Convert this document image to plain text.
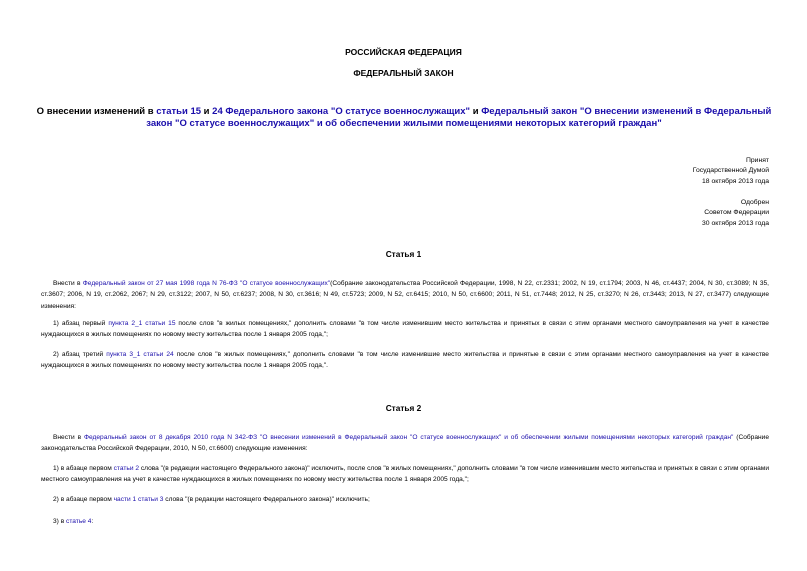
РОССИЙСКАЯ ФЕДЕРАЦИЯ
ФЕДЕРАЛЬНЫЙ ЗАКОН
О внесении изменений в статьи 15 и 24 Федерального закона "О статусе военнослужащих" и Федеральный закон "О внесении изменений в Федеральный закон "О статусе военнослужащих" и об обеспечении жилыми помещениями некоторых категорий граждан"
Принят
Государственной Думой
18 октября 2013 года
Одобрен
Советом Федерации
30 октября 2013 года
Статья 1
Внести в Федеральный закон от 27 мая 1998 года N 76-ФЗ "О статусе военнослужащих"(Собрание законодательства Российской Федерации, 1998, N 22, ст.2331; 2002, N 19, ст.1794; 2003, N 46, ст.4437; 2004, N 30, ст.3089; N 35, ст.3607; 2006, N 19, ст.2062, 2067; N 29, ст.3122; 2007, N 50, ст.6237; 2008, N 30, ст.3616; N 49, ст.5723; 2009, N 52, ст.6415; 2010, N 50, ст.6600; 2011, N 51, ст.7448; 2012, N 25, ст.3270; N 26, ст.3443; 2013, N 27, ст.3477) следующие изменения:
1) абзац первый пункта 2_1 статьи 15 после слов "в жилых помещениях," дополнить словами "в том числе изменившим место жительства и принятых в связи с этим органами местного самоуправления на учет в качестве нуждающихся в жилых помещениях по новому месту жительства после 1 января 2005 года,";
2) абзац третий пункта 3_1 статьи 24 после слов "в жилых помещениях," дополнить словами "в том числе изменившие место жительства и принятые в связи с этим органами местного самоуправления на учет в качестве нуждающихся в жилых помещениях по новому месту жительства после 1 января 2005 года,".
Статья 2
Внести в Федеральный закон от 8 декабря 2010 года N 342-ФЗ "О внесении изменений в Федеральный закон "О статусе военнослужащих" и об обеспечении жилыми помещениями некоторых категорий граждан" (Собрание законодательства Российской Федерации, 2010, N 50, ст.6600) следующие изменения:
1) в абзаце первом статьи 2 слова "(в редакции настоящего Федерального закона)" исключить, после слов "в жилых помещениях," дополнить словами "в том числе изменившим место жительства и принятых в связи с этим органами местного самоуправления на учет в качестве нуждающихся в жилых помещениях по новому месту жительства после 1 января 2005 года,";
2) в абзаце первом части 1 статьи 3 слова "(в редакции настоящего Федерального закона)" исключить;
3) в статье 4:
